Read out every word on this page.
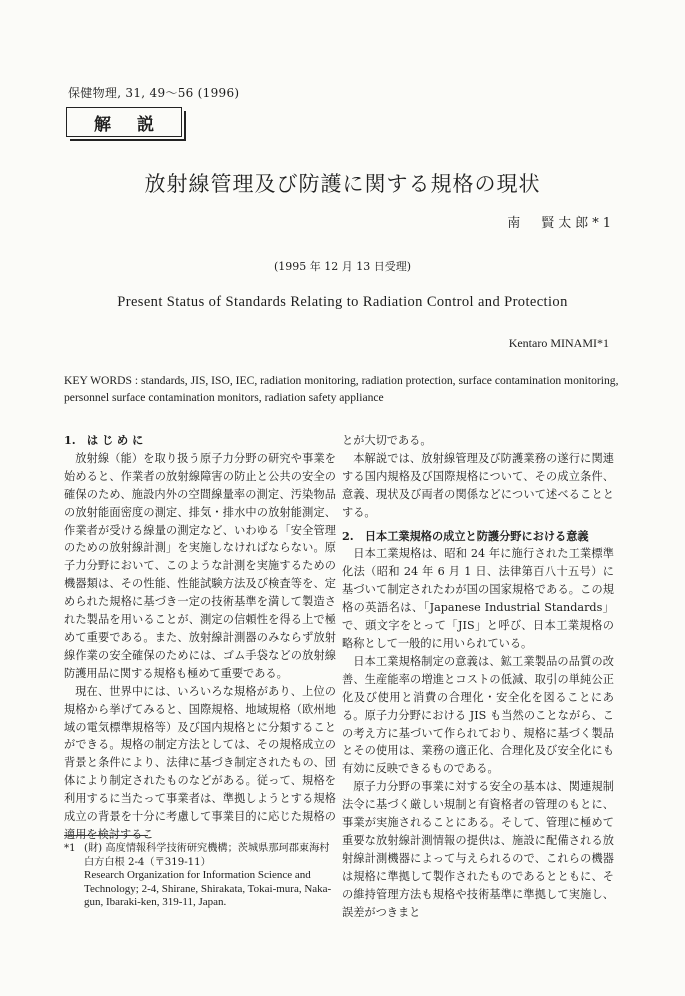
保健物理, 31, 49～56 (1996)
解 説
放射線管理及び防護に関する規格の現状
南　賢太郎*1
(1995 年 12 月 13 日受理)
Present Status of Standards Relating to Radiation Control and Protection
Kentaro MINAMI*1
KEY WORDS : standards, JIS, ISO, IEC, radiation monitoring, radiation protection, surface contamination monitoring, personnel surface contamination monitors, radiation safety appliance

1.　は じ め に

放射線（能）を取り扱う原子力分野の研究や事業を始めると、作業者の放射線障害の防止と公共の安全の確保のため、施設内外の空間線量率の測定、汚染物品の放射能面密度の測定、排気・排水中の放射能測定、作業者が受ける線量の測定など、いわゆる「安全管理のための放射線計測」を実施しなければならない。原子力分野において、このような計測を実施するための機器類は、その性能、性能試験方法及び検査等を、定められた規格に基づき一定の技術基準を満して製造された製品を用いることが、測定の信頼性を得る上で極めて重要である。また、放射線計測器のみならず放射線作業の安全確保のためには、ゴム手袋などの放射線防護用品に関する規格も極めて重要である。

現在、世界中には、いろいろな規格があり、上位の規格から挙げてみると、国際規格、地域規格（欧州地域の電気標準規格等）及び国内規格とに分類することができる。規格の制定方法としては、その規格成立の背景と条件により、法律に基づき制定されたもの、団体により制定されたものなどがある。従って、規格を利用するに当たって事業者は、準拠しようとする規格成立の背景を十分に考慮して事業目的に応じた規格の適用を検討するこ

とが大切である。

本解説では、放射線管理及び防護業務の遂行に関連する国内規格及び国際規格について、その成立条件、意義、現状及び両者の関係などについて述べることとする。

2.　日本工業規格の成立と防護分野における意義

日本工業規格は、昭和 24 年に施行された工業標準化法（昭和 24 年 6 月 1 日、法律第百八十五号）に基づいて制定されたわが国の国家規格である。この規格の英語名は、「Japanese Industrial Standards」で、頭文字をとって「JIS」と呼び、日本工業規格の略称として一般的に用いられている。

日本工業規格制定の意義は、鉱工業製品の品質の改善、生産能率の増進とコストの低減、取引の単純公正化及び使用と消費の合理化・安全化を図ることにある。原子力分野における JIS も当然のことながら、この考え方に基づいて作られており、規格に基づく製品とその使用は、業務の適正化、合理化及び安全化にも有効に反映できるものである。

原子力分野の事業に対する安全の基本は、関連規制法令に基づく厳しい規制と有資格者の管理のもとに、事業が実施されることにある。そして、管理に極めて重要な放射線計測情報の提供は、施設に配備される放射線計測機器によって与えられるので、これらの機器は規格に準拠して製作されたものであるとともに、その維持管理方法も規格や技術基準に準拠して実施し、誤差がつきまと

*1 (財) 高度情報科学技術研究機構；茨城県那珂郡東海村白方白根 2-4（〒319-11）
Research Organization for Information Science and Technology; 2-4, Shirane, Shirakata, Tokai-mura, Naka-gun, Ibaraki-ken, 319-11, Japan.
